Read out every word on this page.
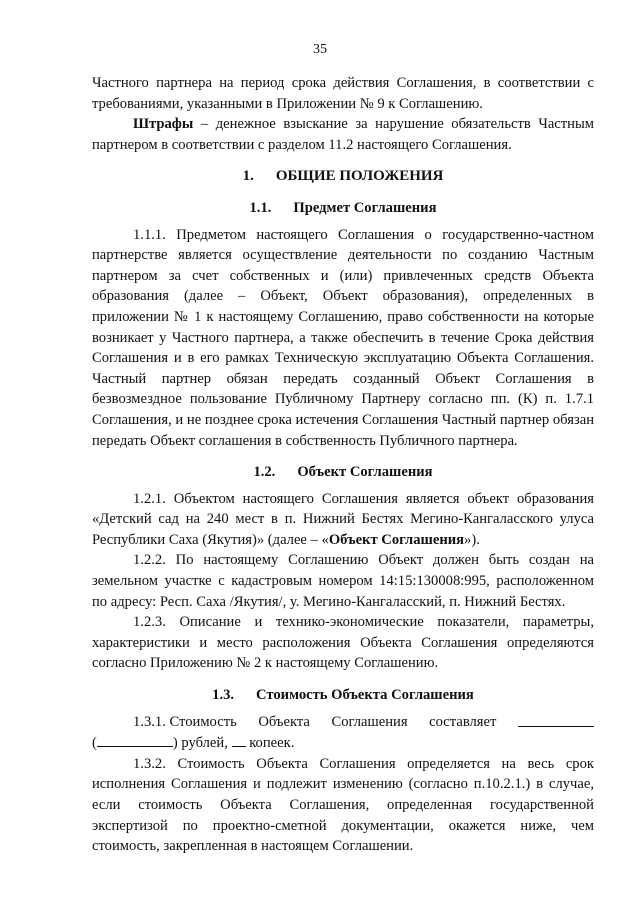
35

Частного партнера на период срока действия Соглашения, в соответствии с требованиями, указанными в Приложении № 9 к Соглашению.

Штрафы – денежное взыскание за нарушение обязательств Частным партнером в соответствии с разделом 11.2 настоящего Соглашения.

1. ОБЩИЕ ПОЛОЖЕНИЯ
1.1. Предмет Соглашения

1.1.1. Предметом настоящего Соглашения о государственно-частном партнерстве является осуществление деятельности по созданию Частным партнером за счет собственных и (или) привлеченных средств Объекта образования (далее – Объект, Объект образования), определенных в приложении № 1 к настоящему Соглашению, право собственности на которые возникает у Частного партнера, а также обеспечить в течение Срока действия Соглашения и в его рамках Техническую эксплуатацию Объекта Соглашения. Частный партнер обязан передать созданный Объект Соглашения в безвозмездное пользование Публичному Партнеру согласно пп. (К) п. 1.7.1 Соглашения, и не позднее срока истечения Соглашения Частный партнер обязан передать Объект соглашения в собственность Публичного партнера.

1.2. Объект Соглашения

1.2.1. Объектом настоящего Соглашения является объект образования «Детский сад на 240 мест в п. Нижний Бестях Мегино-Кангаласского улуса Республики Саха (Якутия)» (далее – «Объект Соглашения»).

1.2.2. По настоящему Соглашению Объект должен быть создан на земельном участке с кадастровым номером 14:15:130008:995, расположенном по адресу: Респ. Саха /Якутия/, у. Мегино-Кангаласский, п. Нижний Бестях.

1.2.3. Описание и технико-экономические показатели, параметры, характеристики и место расположения Объекта Соглашения определяются согласно Приложению № 2 к настоящему Соглашению.

1.3. Стоимость Объекта Соглашения

1.3.1. Стоимость Объекта Соглашения составляет

(	) рублей, копеек.

1.3.2. Стоимость Объекта Соглашения определяется на весь срок исполнения Соглашения и подлежит изменению (согласно п.10.2.1.) в случае, если стоимость Объекта Соглашения, определенная государственной экспертизой по проектно-сметной документации, окажется ниже, чем стоимость, закрепленная в настоящем Соглашении.
